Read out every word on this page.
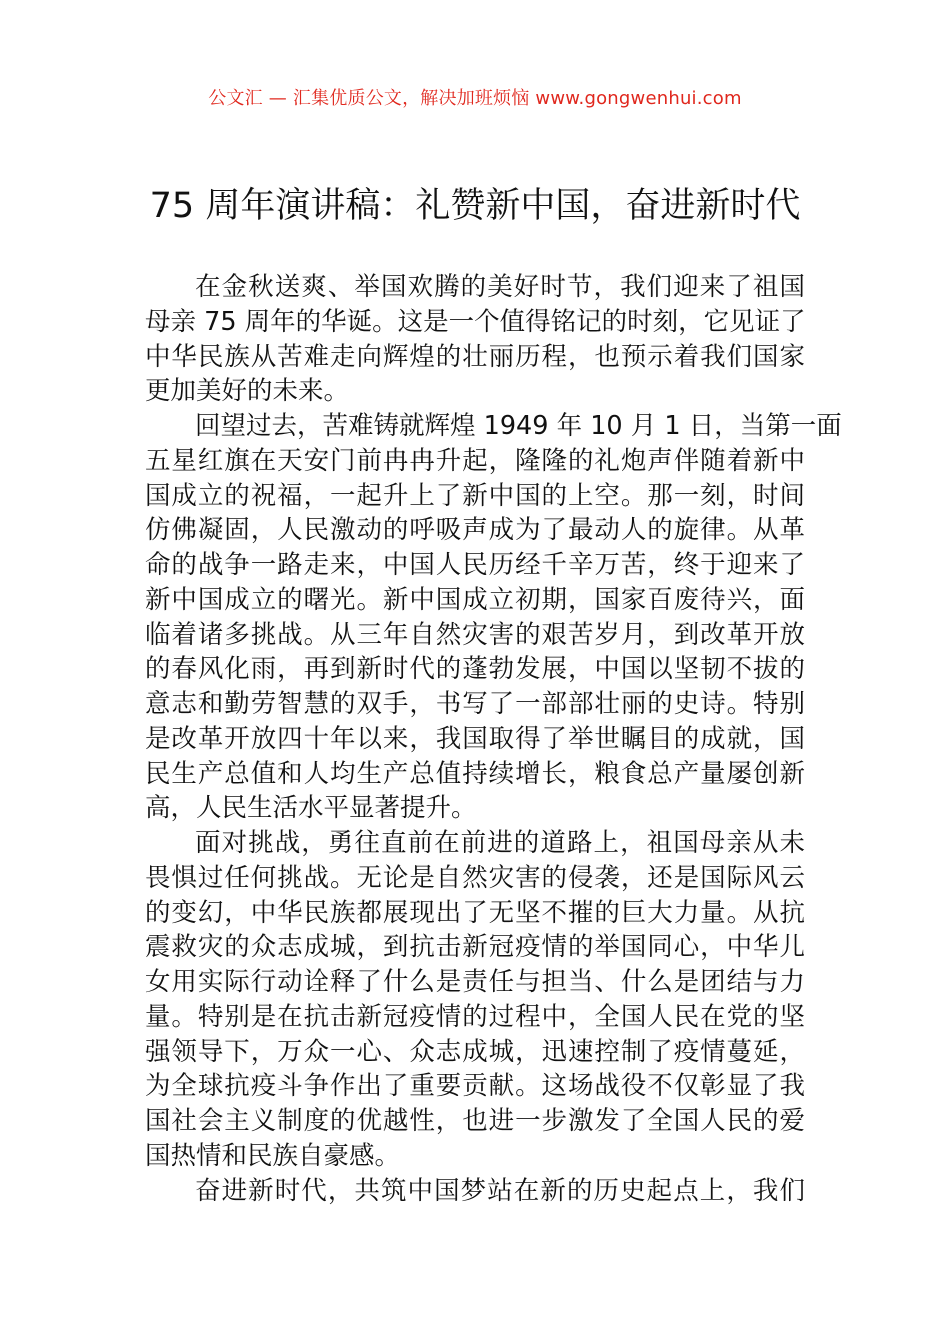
公文汇 — 汇集优质公文，解决加班烦恼 www.gongwenhui.com
75 周年演讲稿：礼赞新中国，奋进新时代
在金秋送爽、举国欢腾的美好时节，我们迎来了祖国
母亲 75 周年的华诞。这是一个值得铭记的时刻，它见证了
中华民族从苦难走向辉煌的壮丽历程，也预示着我们国家
更加美好的未来。
回望过去，苦难铸就辉煌 1949 年 10 月 1 日，当第一面
五星红旗在天安门前冉冉升起，隆隆的礼炮声伴随着新中
国成立的祝福，一起升上了新中国的上空。那一刻，时间
仿佛凝固，人民激动的呼吸声成为了最动人的旋律。从革
命的战争一路走来，中国人民历经千辛万苦，终于迎来了
新中国成立的曙光。新中国成立初期，国家百废待兴，面
临着诸多挑战。从三年自然灾害的艰苦岁月，到改革开放
的春风化雨，再到新时代的蓬勃发展，中国以坚韧不拔的
意志和勤劳智慧的双手，书写了一部部壮丽的史诗。特别
是改革开放四十年以来，我国取得了举世瞩目的成就，国
民生产总值和人均生产总值持续增长，粮食总产量屡创新
高，人民生活水平显著提升。
面对挑战，勇往直前在前进的道路上，祖国母亲从未
畏惧过任何挑战。无论是自然灾害的侵袭，还是国际风云
的变幻，中华民族都展现出了无坚不摧的巨大力量。从抗
震救灾的众志成城，到抗击新冠疫情的举国同心，中华儿
女用实际行动诠释了什么是责任与担当、什么是团结与力
量。特别是在抗击新冠疫情的过程中，全国人民在党的坚
强领导下，万众一心、众志成城，迅速控制了疫情蔓延，
为全球抗疫斗争作出了重要贡献。这场战役不仅彰显了我
国社会主义制度的优越性，也进一步激发了全国人民的爱
国热情和民族自豪感。
奋进新时代，共筑中国梦站在新的历史起点上，我们
